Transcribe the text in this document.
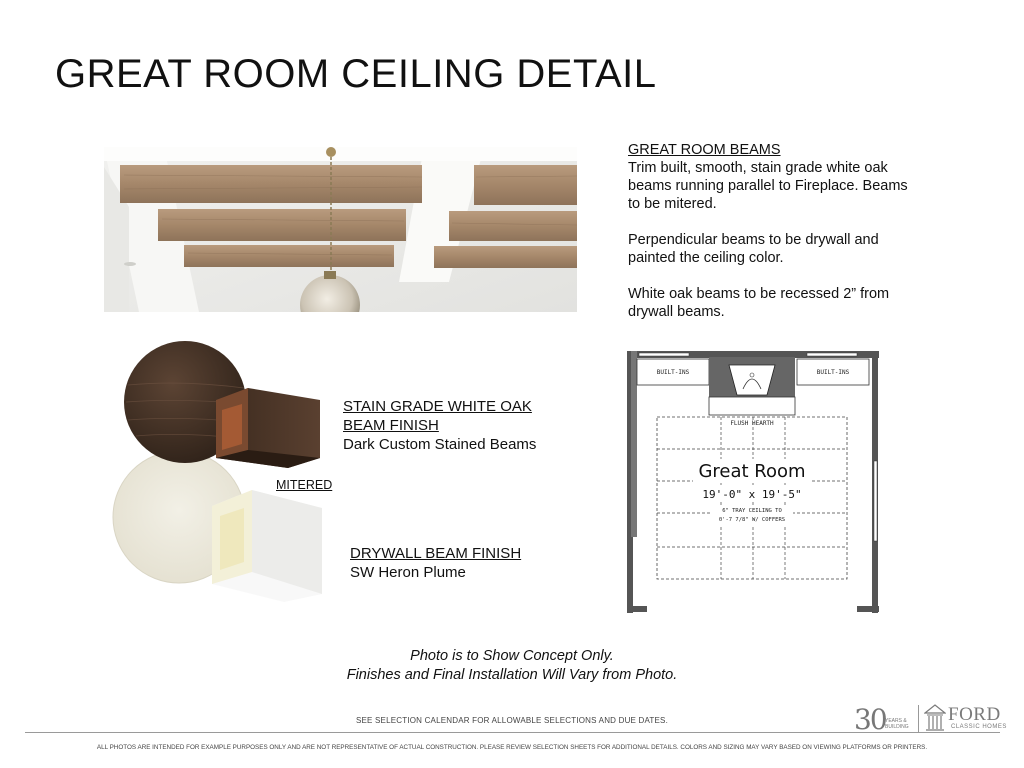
GREAT ROOM CEILING DETAIL
GREAT ROOM BEAMS

Trim built, smooth, stain grade white oak beams running parallel to Fireplace. Beams to be mitered.

Perpendicular beams to be drywall and painted the ceiling color.

White oak beams to be recessed 2” from drywall beams.

STAIN GRADE WHITE OAK
BEAM FINISH
Dark Custom Stained Beams
MITERED
DRYWALL BEAM FINISH
SW Heron Plume
BUILT-INS	BUILT-INS
FLUSH HEARTH
Great Room
19'-0" x 19'-5"
6" TRAY CEILING TO
0'-7 7/8" W/ COFFERS
Photo is to Show Concept Only.
Finishes and Final Installation Will Vary from Photo.
SEE SELECTION CALENDAR FOR ALLOWABLE SELECTIONS AND DUE DATES.
ALL PHOTOS ARE INTENDED FOR EXAMPLE PURPOSES ONLY AND ARE NOT REPRESENTATIVE OF ACTUAL CONSTRUCTION. PLEASE REVIEW SELECTION SHEETS FOR ADDITIONAL DETAILS. COLORS AND SIZING MAY VARY BASED ON VIEWING PLATFORMS OR PRINTERS.
30 YEARS &
BUILDING
FORD
CLASSIC HOMES
